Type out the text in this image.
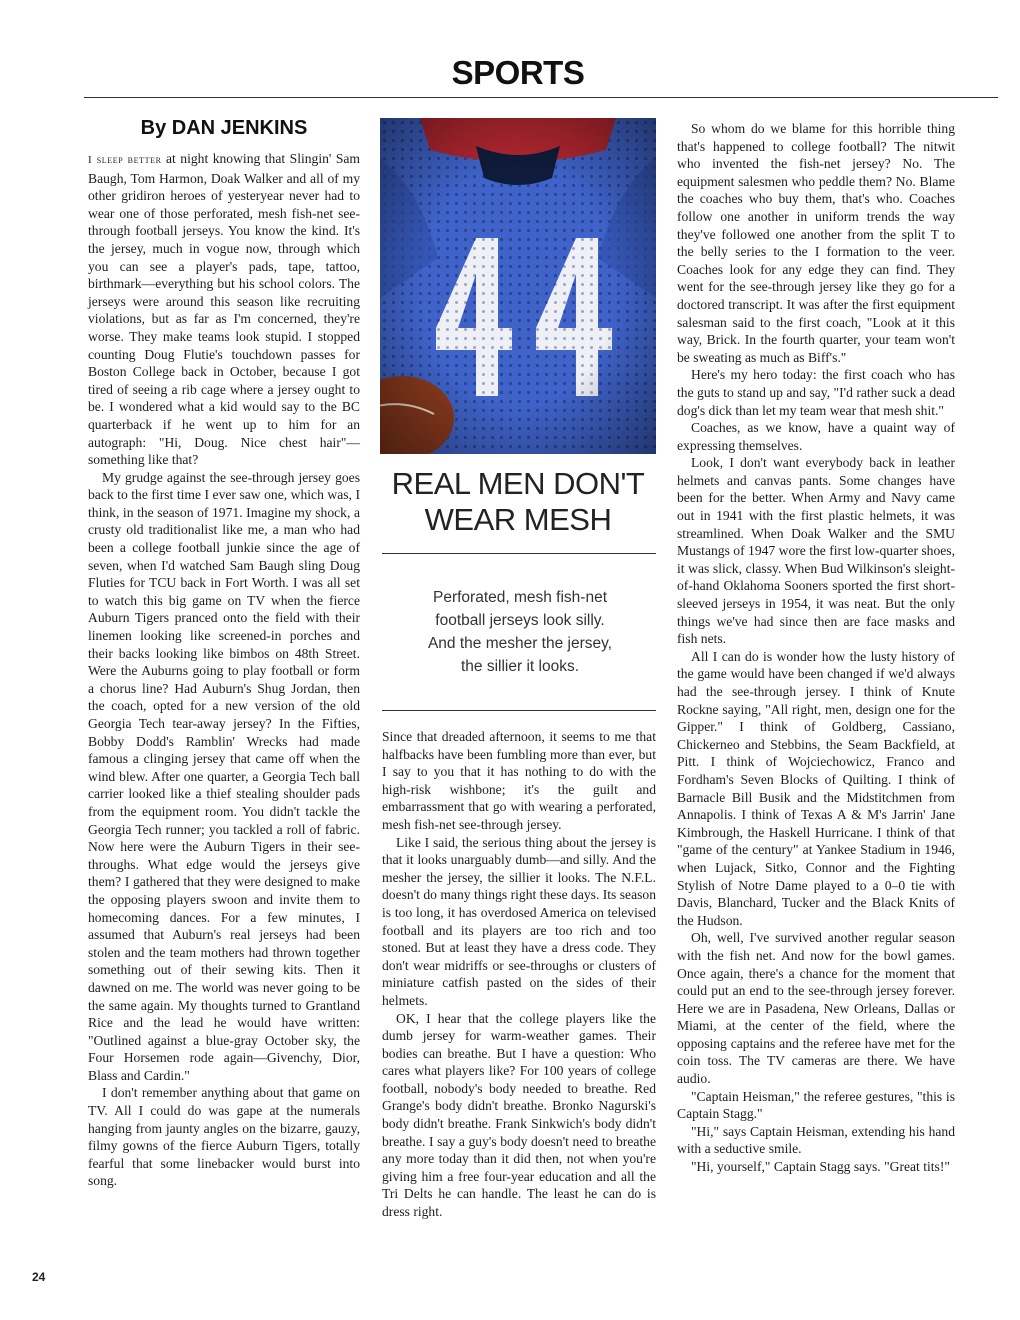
SPORTS
By DAN JENKINS

I sleep better at night knowing that Slingin' Sam Baugh, Tom Harmon, Doak Walker and all of my other gridiron heroes of yesteryear never had to wear one of those perforated, mesh fish-net see-through football jerseys. You know the kind. It's the jersey, much in vogue now, through which you can see a player's pads, tape, tattoo, birthmark—everything but his school colors. The jerseys were around this season like recruiting violations, but as far as I'm concerned, they're worse. They make teams look stupid. I stopped counting Doug Flutie's touchdown passes for Boston College back in October, because I got tired of seeing a rib cage where a jersey ought to be. I wondered what a kid would say to the BC quarterback if he went up to him for an autograph: "Hi, Doug. Nice chest hair"—something like that?

My grudge against the see-through jersey goes back to the first time I ever saw one, which was, I think, in the season of 1971. Imagine my shock, a crusty old traditionalist like me, a man who had been a college football junkie since the age of seven, when I'd watched Sam Baugh sling Doug Fluties for TCU back in Fort Worth. I was all set to watch this big game on TV when the fierce Auburn Tigers pranced onto the field with their linemen looking like screened-in porches and their backs looking like bimbos on 48th Street. Were the Auburns going to play football or form a chorus line? Had Auburn's Shug Jordan, then the coach, opted for a new version of the old Georgia Tech tear-away jersey? In the Fifties, Bobby Dodd's Ramblin' Wrecks had made famous a clinging jersey that came off when the wind blew. After one quarter, a Georgia Tech ball carrier looked like a thief stealing shoulder pads from the equipment room. You didn't tackle the Georgia Tech runner; you tackled a roll of fabric. Now here were the Auburn Tigers in their see-throughs. What edge would the jerseys give them? I gathered that they were designed to make the opposing players swoon and invite them to homecoming dances. For a few minutes, I assumed that Auburn's real jerseys had been stolen and the team mothers had thrown together something out of their sewing kits. Then it dawned on me. The world was never going to be the same again. My thoughts turned to Grantland Rice and the lead he would have written: "Outlined against a blue-gray October sky, the Four Horsemen rode again—Givenchy, Dior, Blass and Cardin."

I don't remember anything about that game on TV. All I could do was gape at the numerals hanging from jaunty angles on the bizarre, gauzy, filmy gowns of the fierce Auburn Tigers, totally fearful that some linebacker would burst into song.

REAL MEN DON'T
WEAR MESH
Perforated, mesh fish-net
football jerseys look silly.
And the mesher the jersey,
the sillier it looks.

Since that dreaded afternoon, it seems to me that halfbacks have been fumbling more than ever, but I say to you that it has nothing to do with the high-risk wishbone; it's the guilt and embarrassment that go with wearing a perforated, mesh fish-net see-through jersey.

Like I said, the serious thing about the jersey is that it looks unarguably dumb—and silly. And the mesher the jersey, the sillier it looks. The N.F.L. doesn't do many things right these days. Its season is too long, it has overdosed America on televised football and its players are too rich and too stoned. But at least they have a dress code. They don't wear midriffs or see-throughs or clusters of miniature catfish pasted on the sides of their helmets.

OK, I hear that the college players like the dumb jersey for warm-weather games. Their bodies can breathe. But I have a question: Who cares what players like? For 100 years of college football, nobody's body needed to breathe. Red Grange's body didn't breathe. Bronko Nagurski's body didn't breathe. Frank Sinkwich's body didn't breathe. I say a guy's body doesn't need to breathe any more today than it did then, not when you're giving him a free four-year education and all the Tri Delts he can handle. The least he can do is dress right.

So whom do we blame for this horrible thing that's happened to college football? The nitwit who invented the fish-net jersey? No. The equipment salesmen who peddle them? No. Blame the coaches who buy them, that's who. Coaches follow one another in uniform trends the way they've followed one another from the split T to the belly series to the I formation to the veer. Coaches look for any edge they can find. They went for the see-through jersey like they go for a doctored transcript. It was after the first equipment salesman said to the first coach, "Look at it this way, Brick. In the fourth quarter, your team won't be sweating as much as Biff's."

Here's my hero today: the first coach who has the guts to stand up and say, "I'd rather suck a dead dog's dick than let my team wear that mesh shit."

Coaches, as we know, have a quaint way of expressing themselves.

Look, I don't want everybody back in leather helmets and canvas pants. Some changes have been for the better. When Army and Navy came out in 1941 with the first plastic helmets, it was streamlined. When Doak Walker and the SMU Mustangs of 1947 wore the first low-quarter shoes, it was slick, classy. When Bud Wilkinson's sleight-of-hand Oklahoma Sooners sported the first short-sleeved jerseys in 1954, it was neat. But the only things we've had since then are face masks and fish nets.

All I can do is wonder how the lusty history of the game would have been changed if we'd always had the see-through jersey. I think of Knute Rockne saying, "All right, men, design one for the Gipper." I think of Goldberg, Cassiano, Chickerneo and Stebbins, the Seam Backfield, at Pitt. I think of Wojciechowicz, Franco and Fordham's Seven Blocks of Quilting. I think of Barnacle Bill Busik and the Midstitchmen from Annapolis. I think of Texas A & M's Jarrin' Jane Kimbrough, the Haskell Hurricane. I think of that "game of the century" at Yankee Stadium in 1946, when Lujack, Sitko, Connor and the Fighting Stylish of Notre Dame played to a 0–0 tie with Davis, Blanchard, Tucker and the Black Knits of the Hudson.

Oh, well, I've survived another regular season with the fish net. And now for the bowl games. Once again, there's a chance for the moment that could put an end to the see-through jersey forever. Here we are in Pasadena, New Orleans, Dallas or Miami, at the center of the field, where the opposing captains and the referee have met for the coin toss. The TV cameras are there. We have audio.

"Captain Heisman," the referee gestures, "this is Captain Stagg."

"Hi," says Captain Heisman, extending his hand with a seductive smile.

"Hi, yourself," Captain Stagg says. "Great tits!"

24
